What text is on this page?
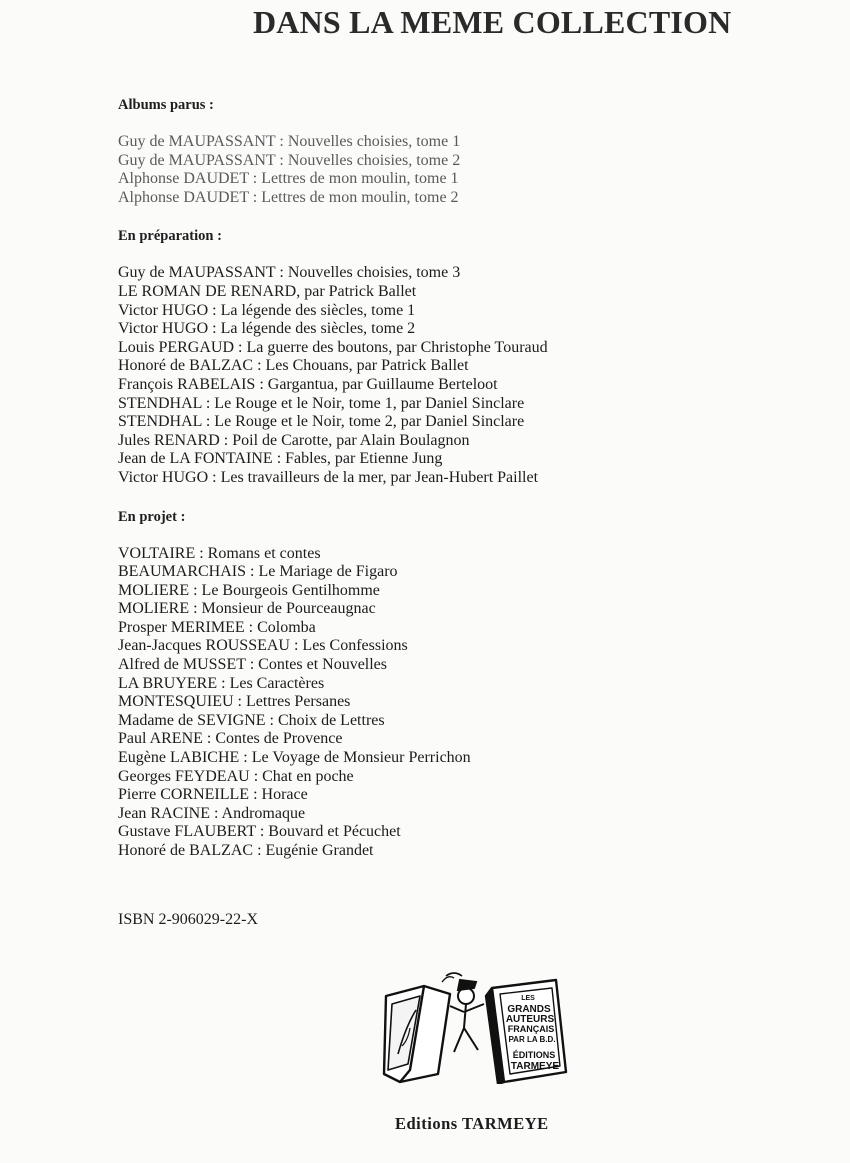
DANS LA MEME COLLECTION

Albums parus :

Guy de MAUPASSANT : Nouvelles choisies, tome 1
Guy de MAUPASSANT : Nouvelles choisies, tome 2
Alphonse DAUDET : Lettres de mon moulin, tome 1
Alphonse DAUDET : Lettres de mon moulin, tome 2

En préparation :

Guy de MAUPASSANT : Nouvelles choisies, tome 3
LE ROMAN DE RENARD, par Patrick Ballet
Victor HUGO : La légende des siècles, tome 1
Victor HUGO : La légende des siècles, tome 2
Louis PERGAUD : La guerre des boutons, par Christophe Touraud
Honoré de BALZAC : Les Chouans, par Patrick Ballet
François RABELAIS : Gargantua, par Guillaume Berteloot
STENDHAL : Le Rouge et le Noir, tome 1, par Daniel Sinclare
STENDHAL : Le Rouge et le Noir, tome 2, par Daniel Sinclare
Jules RENARD : Poil de Carotte, par Alain Boulagnon
Jean de LA FONTAINE : Fables, par Etienne Jung
Victor HUGO : Les travailleurs de la mer, par Jean-Hubert Paillet

En projet :

VOLTAIRE : Romans et contes
BEAUMARCHAIS : Le Mariage de Figaro
MOLIERE : Le Bourgeois Gentilhomme
MOLIERE : Monsieur de Pourceaugnac
Prosper MERIMEE : Colomba
Jean-Jacques ROUSSEAU : Les Confessions
Alfred de MUSSET : Contes et Nouvelles
LA BRUYERE : Les Caractères
MONTESQUIEU : Lettres Persanes
Madame de SEVIGNE : Choix de Lettres
Paul ARENE : Contes de Provence
Eugène LABICHE : Le Voyage de Monsieur Perrichon
Georges FEYDEAU : Chat en poche
Pierre CORNEILLE : Horace
Jean RACINE : Andromaque
Gustave FLAUBERT : Bouvard et Pécuchet
Honoré de BALZAC : Eugénie Grandet
ISBN 2-906029-22-X
LES
GRANDS
AUTEURS
FRANÇAIS
PAR LA B.D.
ÉDITIONS
TARMEYE
Editions TARMEYE
